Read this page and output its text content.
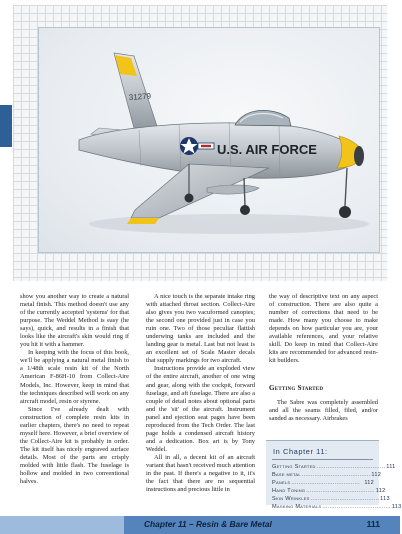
31279
U.S. AIR FORCE

show you another way to create a natural metal finish. This method doesn't use any of the currently accepted 'systems' for that purpose. The Weddel Method is easy (he says), quick, and results in a finish that looks like the aircraft's skin would ring if you hit it with a hammer.

In keeping with the focus of this book, we'll be applying a natural metal finish to a 1/48th scale resin kit of the North American F-86H-10 from Collect-Aire Models, Inc. However, keep in mind that the techniques described will work on any aircraft model, resin or styrene.

Since I've already dealt with construction of complete resin kits in earlier chapters, there's no need to repeat myself here. However, a brief overview of the Collect-Aire kit is probably in order. The kit itself has nicely engraved surface details. Most of the parts are crisply molded with little flash. The fuselage is hollow and molded in two conventional halves.

A nice touch is the separate intake ring with attached throat section. Collect-Aire also gives you two vacuformed canopies; the second one provided just in case you ruin one. Two of those peculiar flattish underwing tanks are included and the landing gear is metal. Last but not least is an excellent set of Scale Master decals that supply markings for two aircraft.

Instructions provide an exploded view of the entire aircraft, another of one wing and gear, along with the cockpit, forward fuselage, and aft fuselage. There are also a couple of detail notes about optional parts and the 'sit' of the aircraft. Instrument panel and ejection seat pages have been reproduced from the Tech Order. The last page holds a condensed aircraft history and a dedication. Box art is by Tony Weddel.

All in all, a decent kit of an aircraft variant that hasn't received much attention in the past. If there's a negative to it, it's the fact that there are no sequential instructions and precious little in

the way of descriptive text on any aspect of construction. There are also quite a number of corrections that need to be made. How many you choose to make depends on how particular you are, your available references, and your relative skill. Do keep in mind that Collect-Aire kits are recommended for advanced resin-kit builders.

Getting Started

The Sabre was completely assembled and all the seams filled, filed, and/or sanded as necessary. Airbrakes

In Chapter 11:
Getting Started ...................................... 111
Base metal ...................................... 112
Panels ...................................... 112
Hand Toning ...................................... 112
Skin Wrinkles ...................................... 113
Masking Materials ...................................... 113
Chapter 11 – Resin & Bare Metal	111
